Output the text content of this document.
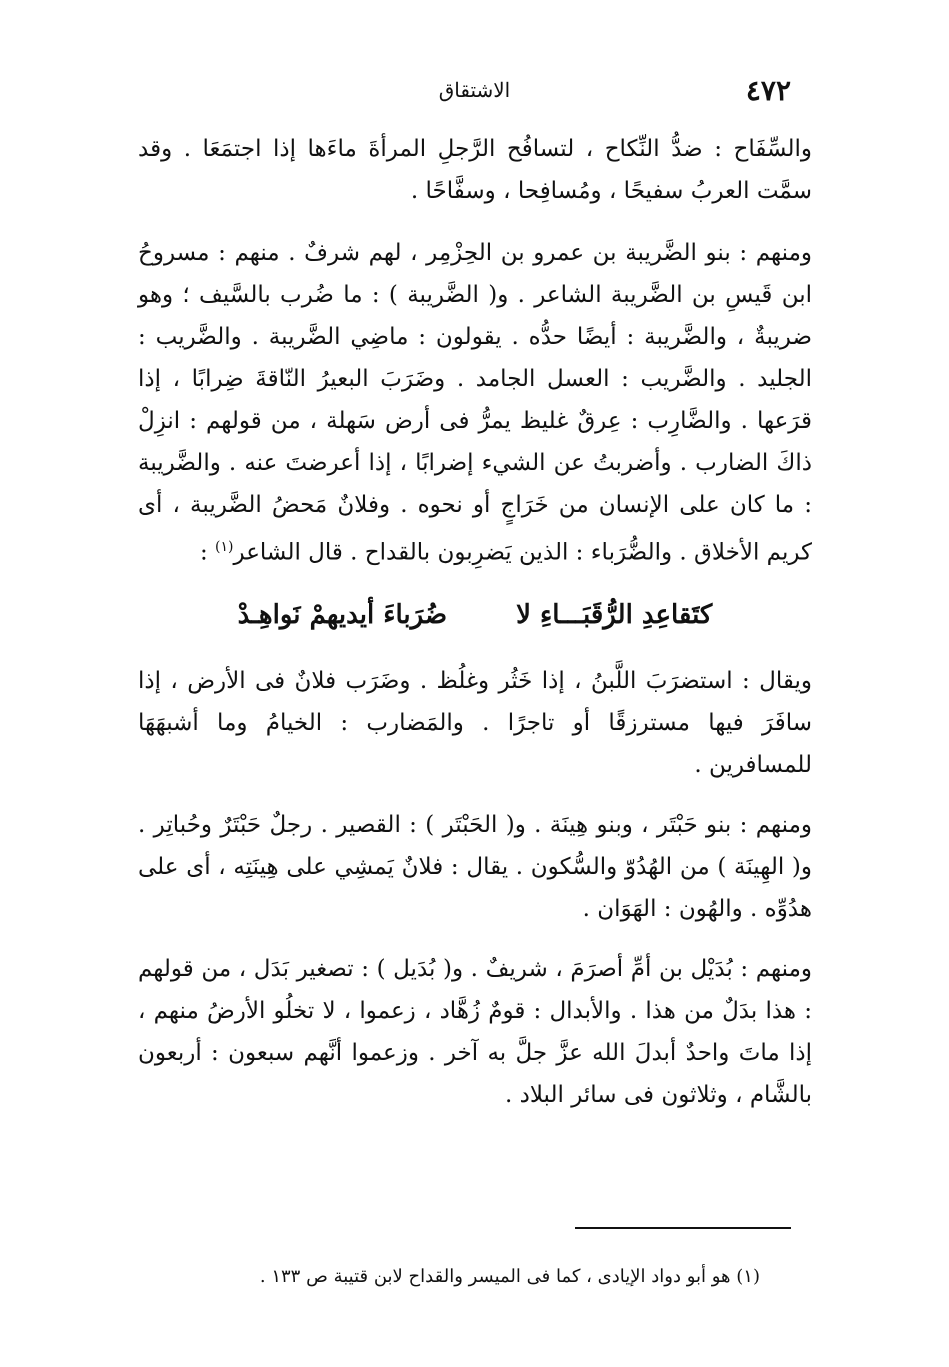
٤٧٢
الاشتقاق

والسِّفَاح : ضدُّ النِّكاح ، لتسافُح الرَّجلِ المرأةَ ماءَها إذا اجتمَعَا . وقد سمَّت العربُ سفيحًا ، ومُسافِحا ، وسفَّاحًا .

ومنهم : بنو الضَّريبة بن عمرو بن الحِزْمِر ، لهم شرفٌ . منهم : مسروحُ ابن قَيسِ بن الضَّريبة الشاعر . و( الضَّريبة ) : ما ضُرب بالسَّيف ؛ وهو ضريبةٌ ، والضَّريبة : أيضًا حدُّه . يقولون : ماضِي الضَّريبة . والضَّريب : الجليد . والضَّريب : العسل الجامد . وضَرَبَ البعيرُ النّاقةَ ضِرابًا ، إذا قرَعها . والضَّارِب : عِرقٌ غليظ يمرُّ فى أرض سَهلة ، من قولهم : انزِلْ ذاكَ الضارب . وأضربتُ عن الشيء إضرابًا ، إذا أعرضتَ عنه . والضَّريبة : ما كان على الإنسان من خَرَاجٍ أو نحوه . وفلانٌ مَحضُ الضَّريبة ، أى كريم الأخلاق . والضُّرَباء : الذين يَضرِبون بالقداح . قال الشاعر$^{(١)}$ :

كتَقاعِدِ الرُّقَبَـــاءِ لا ضُرَباءَ أيديهمْ نَواهِـدْ

ويقال : استضرَبَ اللَّبنُ ، إذا خَثُر وغلُظ . وضَرَب فلانٌ فى الأرض ، إذا سافَرَ فيها مسترزقًا أو تاجرًا . والمَضارب : الخيامُ وما أشبهَهَا للمسافرين .

ومنهم : بنو حَبْتَر ، وبنو هِينَة . و( الحَبْتَر ) : القصير . رجلٌ حَبْتَرٌ وحُباتِر . و( الهِينَة ) من الهُدُوّ والسُّكون . يقال : فلانٌ يَمشِي على هِينَتِه ، أى على هدُوِّه . والهُون : الهَوَان .

ومنهم : بُدَيْل بن أمِّ أصرَمَ ، شريفٌ . و( بُدَيل ) : تصغير بَدَل ، من قولهم : هذا بدَلٌ من هذا . والأبدال : قومٌ زُهَّاد ، زعموا ، لا تخلُو الأرضُ منهم ، إذا ماتَ واحدٌ أبدلَ الله عزَّ جلَّ به آخر . وزعموا أنَّهم سبعون : أربعون بالشَّام ، وثلاثون فى سائر البلاد .

(١) هو أبو دواد الإيادى ، كما فى الميسر والقداح لابن قتيبة ص ١٣٣ .
